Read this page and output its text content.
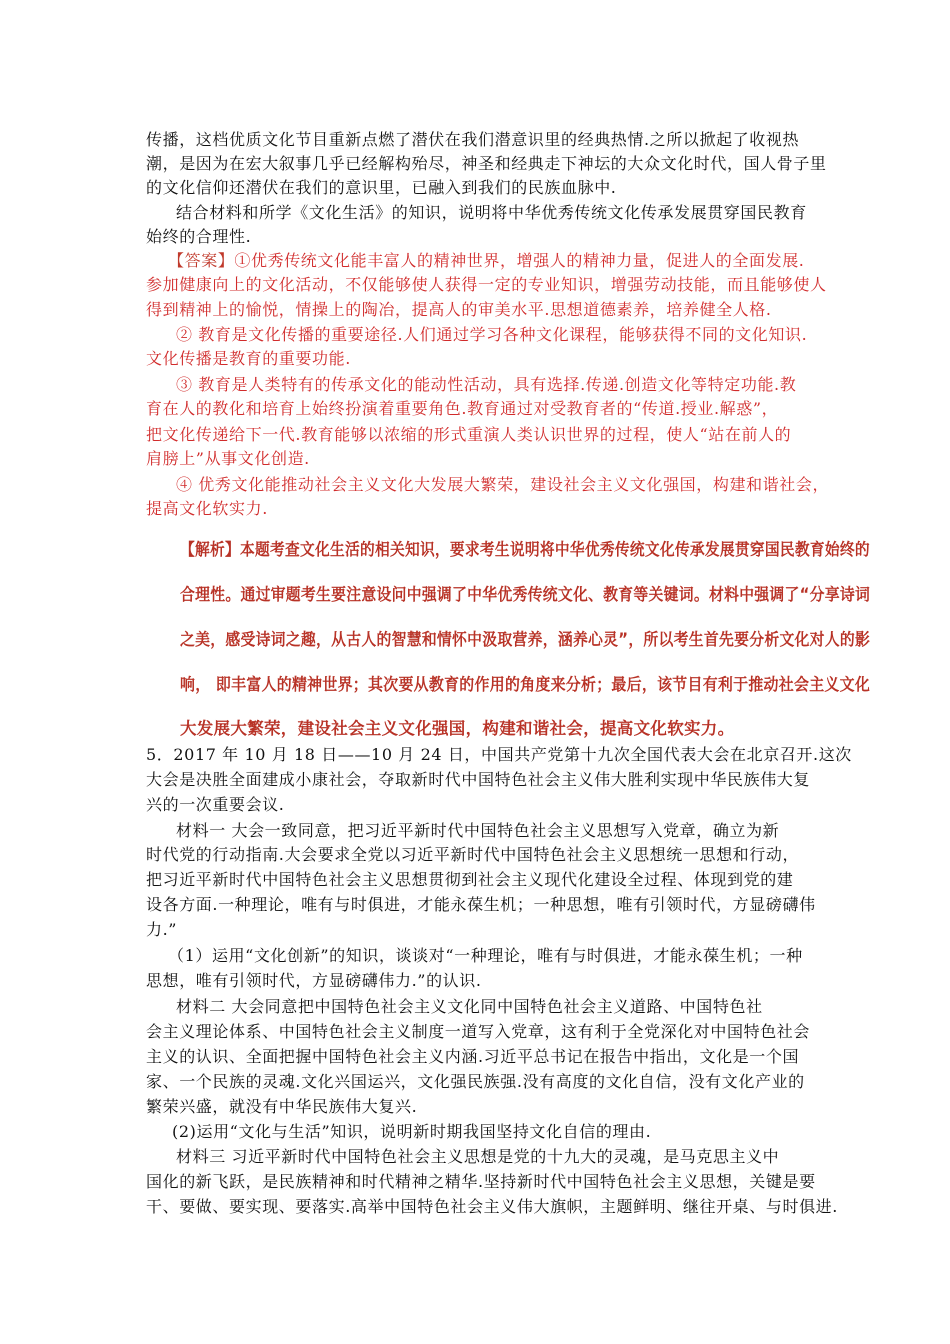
传播，这档优质文化节目重新点燃了潜伏在我们潜意识里的经典热情.之所以掀起了收视热
潮，是因为在宏大叙事几乎已经解构殆尽，神圣和经典走下神坛的大众文化时代，国人骨子里
的文化信仰还潜伏在我们的意识里，已融入到我们的民族血脉中.
结合材料和所学《文化生活》的知识，说明将中华优秀传统文化传承发展贯穿国民教育
始终的合理性.
【答案】①优秀传统文化能丰富人的精神世界，增强人的精神力量，促进人的全面发展.
参加健康向上的文化活动，不仅能够使人获得一定的专业知识，增强劳动技能，而且能够使人
得到精神上的愉悦，情操上的陶冶，提高人的审美水平.思想道德素养，培养健全人格.
② 教育是文化传播的重要途径.人们通过学习各种文化课程，能够获得不同的文化知识.
文化传播是教育的重要功能.
③ 教育是人类特有的传承文化的能动性活动，具有选择.传递.创造文化等特定功能.教
育在人的教化和培育上始终扮演着重要角色.教育通过对受教育者的“传道.授业.解惑”，
把文化传递给下一代.教育能够以浓缩的形式重演人类认识世界的过程，使人“站在前人的
肩膀上”从事文化创造.
④ 优秀文化能推动社会主义文化大发展大繁荣，建设社会主义文化强国，构建和谐社会，
提高文化软实力.
【解析】本题考查文化生活的相关知识，要求考生说明将中华优秀传统文化传承发展贯穿国民教育始终的
合理性。通过审题考生要注意设问中强调了中华优秀传统文化、教育等关键词。材料中强调了“分享诗词
之美，感受诗词之趣，从古人的智慧和情怀中汲取营养，涵养心灵”，所以考生首先要分析文化对人的影
响， 即丰富人的精神世界；其次要从教育的作用的角度来分析；最后，该节目有利于推动社会主义文化
大发展大繁荣，建设社会主义文化强国，构建和谐社会，提高文化软实力。
5．2017 年 10 月 18 日——10 月 24 日，中国共产党第十九次全国代表大会在北京召开.这次
大会是决胜全面建成小康社会，夺取新时代中国特色社会主义伟大胜利实现中华民族伟大复
兴的一次重要会议.
材料一 大会一致同意，把习近平新时代中国特色社会主义思想写入党章，确立为新
时代党的行动指南.大会要求全党以习近平新时代中国特色社会主义思想统一思想和行动，
把习近平新时代中国特色社会主义思想贯彻到社会主义现代化建设全过程、体现到党的建
设各方面.一种理论，唯有与时俱进，才能永葆生机；一种思想，唯有引领时代，方显磅礴伟
力.”
（1）运用“文化创新”的知识，谈谈对“一种理论，唯有与时俱进，才能永葆生机；一种
思想，唯有引领时代，方显磅礴伟力.”的认识.
材料二 大会同意把中国特色社会主义文化同中国特色社会主义道路、中国特色社
会主义理论体系、中国特色社会主义制度一道写入党章，这有利于全党深化对中国特色社会
主义的认识、全面把握中国特色社会主义内涵.习近平总书记在报告中指出，文化是一个国
家、一个民族的灵魂.文化兴国运兴，文化强民族强.没有高度的文化自信，没有文化产业的
繁荣兴盛，就没有中华民族伟大复兴.
(2)运用“文化与生活”知识，说明新时期我国坚持文化自信的理由.
材料三 习近平新时代中国特色社会主义思想是党的十九大的灵魂，是马克思主义中
国化的新飞跃，是民族精神和时代精神之精华.坚持新时代中国特色社会主义思想，关键是要
干、要做、要实现、要落实.高举中国特色社会主义伟大旗帜，主题鲜明、继往开桌、与时俱进.
